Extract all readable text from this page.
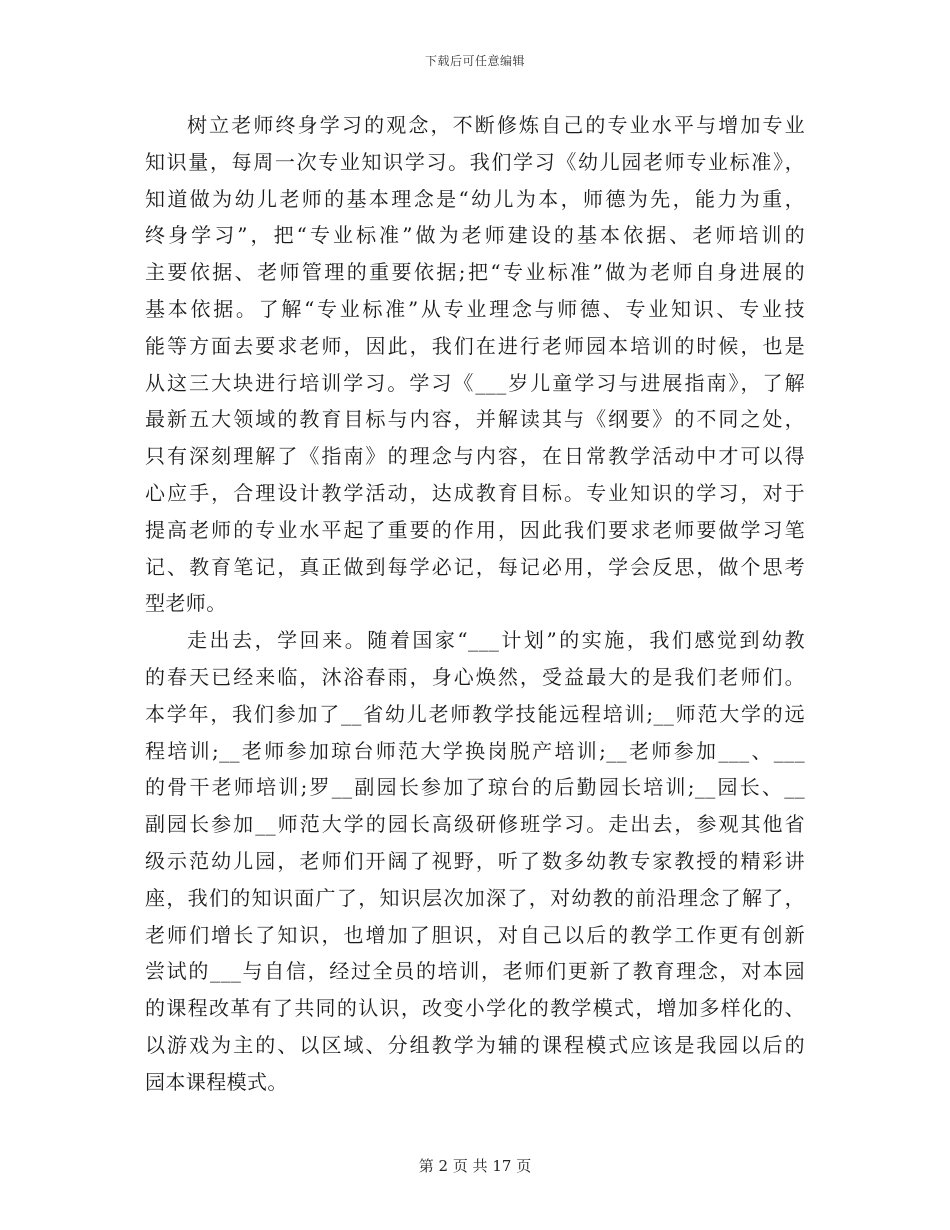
下载后可任意编辑
树立老师终身学习的观念，不断修炼自己的专业水平与增加专业
知识量，每周一次专业知识学习。我们学习《幼儿园老师专业标准》，
知道做为幼儿老师的基本理念是“幼儿为本，师德为先，能力为重，
终身学习”，把“专业标准”做为老师建设的基本依据、老师培训的
主要依据、老师管理的重要依据;把“专业标准”做为老师自身进展的
基本依据。了解“专业标准”从专业理念与师德、专业知识、专业技
能等方面去要求老师，因此，我们在进行老师园本培训的时候，也是
从这三大块进行培训学习。学习《___岁儿童学习与进展指南》，了解
最新五大领域的教育目标与内容，并解读其与《纲要》的不同之处，
只有深刻理解了《指南》的理念与内容，在日常教学活动中才可以得
心应手，合理设计教学活动，达成教育目标。专业知识的学习，对于
提高老师的专业水平起了重要的作用，因此我们要求老师要做学习笔
记、教育笔记，真正做到每学必记，每记必用，学会反思，做个思考
型老师。
走出去，学回来。随着国家“___计划”的实施，我们感觉到幼教
的春天已经来临，沐浴春雨，身心焕然，受益最大的是我们老师们。
本学年，我们参加了__省幼儿老师教学技能远程培训;__师范大学的远
程培训;__老师参加琼台师范大学换岗脱产培训;__老师参加___、___
的骨干老师培训;罗__副园长参加了琼台的后勤园长培训;__园长、__
副园长参加__师范大学的园长高级研修班学习。走出去，参观其他省
级示范幼儿园，老师们开阔了视野，听了数多幼教专家教授的精彩讲
座，我们的知识面广了，知识层次加深了，对幼教的前沿理念了解了，
老师们增长了知识，也增加了胆识，对自己以后的教学工作更有创新
尝试的___与自信，经过全员的培训，老师们更新了教育理念，对本园
的课程改革有了共同的认识，改变小学化的教学模式，增加多样化的、
以游戏为主的、以区域、分组教学为辅的课程模式应该是我园以后的
园本课程模式。
第 2 页 共 17 页
